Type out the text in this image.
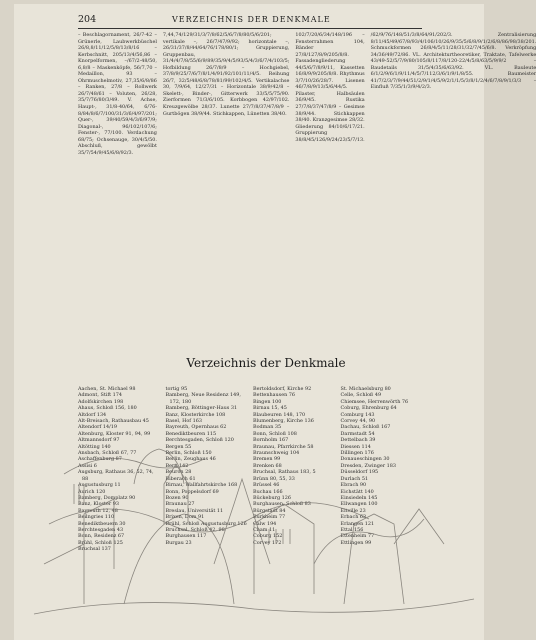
204	VERZEICHNIS DER DENKMALE

– Beschlagornament, 26/7-42 – Grünerle, Laubwerkbüschel 26/8,8/11/12/5/8/13/8/16 – Kerbschnitt, 205/13/4/56,86 – Knorpelformen, –/67/2-48/50, 6,8/8 – Maskenköpfe, 56/7,70 – Medaillon, 93 – Ohrmuschelmotiv, 27,35/6/8/86 – Ranken, 27/8 – Rollwerk 26/7/48/61 – Voluten, 26/28, 35/7/76/80/3/49. V. Achse, Haupt-, 31/8-40/64, 6/76-8/84/8/6/7/100/31/3/6/4/97/201; Quer-, 39/40/59/4/3/6/97/9; Diagonal-, 96/102/107/6; Fenster-, 77/100. Verdachung 68/75; Ochsenauge, 30/4/5/50. Abschluß, gewölbt 35/7/54/9/45/6/8/92/3.

7,44,74/129/31/3/7/8/62/5/6/7/8/80/5/6/201; vertikale –, 26/7/47/9/92; horizontale –, 26/31/37/8/44/64/76/178/80/1; Gruppierung, Gruppenbau, 31/4/4/7/8/55/6/9/89/35/9/4/5/93/5/4/3/6/7/4/103/5; Hofbildung 26/7/8/9 – Hochgiebel, 37/8/9/25/7/6/7/8/1/4/91/92/101/11/4/5. Reihung 26/7, 32/5/48/6/8/78/81/99/102/4/5. Vertikalachse 30, 7/9/64, 12/27/31 – Horizontale 38/9/42/8 – Skelett-, Binder-, Gitterwerk 33/5/5/75/90. Zierformen 71/3/6/105. Korbbogen 42/97/102. Kreuzgewölbe 28/37. Lunette 27/7/8/37/47/8/9 – Gurtbögen 38/9/44. Stichkappen, Lünetten 38/40.

102/7/20/6/34/148/196 – Fensterrahmen 104, Bänder 27/8/127/8/9/205/8/8. Fassadengliederung 44/5/6/7/8/9/11, Kassetten 16/8/9/9/205/8/8. Rhythmus 3/7/10/26/28/7. Lisenen 46/7/8/9/13/5/6/44/5. Pilaster, Halbsäulen 36/9/45. Rustika 27/7/8/37/47/8/9 – Gesimse 38/9/44. Stichkappen 38/40. Kranzgesimse 28/32. Gliederung 84/10/6/17/21. Gruppierung 38/8/45/126/9/24/23/5/7/13.

/62/9/76/148/51/3/8/64/91/202/3. Zentralisierung 8/11/45/49/67/8/93/4/106/10/26/9/35/5/6/8/9/1/2/6/8/86/98/38/201. Schmuckformen 26/8/4/5/11/28/31/32/7/45/6/8. Verkröpfung 34/36/49/72/86. VL. Architekturtheoretiker, Traktate, Tafelwerke 43/49-52/5/7/9/80/105/8/117/8/120-22/4/5/8/63/5/9/9/2 – Baudetails 31/5/4/35/6/63/92. VL. Bauleute 6/1/2/9/6/1/9/11/4/5/7/112/3/6/1/9/1/8/55. Baumeister 41/7/2/3/7/9/44/51/2/9/1/4/5/9/2/1/1/5/3/8/1/2/4/6/7/8/9/1/3/3 – Einfluß 7/35/1/3/9/4/2/3.

Verzeichnis der Denkmale

Aachen, St. Michael 98

Admont, Stift 174

Adolfskirchen 198

Ahaus, Schloß 156, 180

Altdorf 134

Alt-Breisach, Rathausbau 45

Altendorf 14/19

Altenburg, Kloster 91, 94, 99

Altmannsdorf 97

Altötting 140

Ansbach, Schloß 67, 77

Aschaffenburg 87

Assisi 6

Augsburg, Rathaus 36, 52, 74, 88

Augustusburg 11

Aurich 120

Bamberg, Domplatz 90

Banz, Kloster 93

Bayreuth 12, 48

Beilngries 110

Benediktbeuern 30

Berchtesgaden 43

Bonn, Residenz 67

Brühl, Schloß 125

Bruchsal 137

tortig 95

Bamberg, Neue Residenz 149, 172, 180

Bamberg, Böttinger-Haus 31

Banz, Klosterkirche 108

Basel, Hof 163

Bayreuth, Opernhaus 62

Benediktbeuren 115

Berchtesgaden, Schloß 120

Bergen 55

Berlin, Schloß 150

Berlin, Zeughaus 46

Bern 142

Beuron 28

Biberach 61

Birnau, Wallfahrtskirche 168

Bonn, Poppelsdorf 69

Bozen 90

Braunau 27

Breslau, Universität 11

Brixen, Dom 91

Brühl, Schloß Augustusburg 126

Bruchsal, Schloß 42, 98

Burghausen 117

Burgau 23

Bertoldsdorf, Kirche 92

Bettenhausen 76

Bingen 100

Birnau 15, 45

Blaubeuren 148, 170

Blumenberg, Kirche 136

Bodman 35

Bonn, Schloß 108

Bornholm 167

Braunau, Pfarrkirche 58

Braunschweig 104

Bremen 99

Brenken 68

Bruchsal, Rathaus 183, 5

Brünn 80, 55, 33

Brüssel 46

Buchau 166

Bückeburg 126

Burghausen, Schloß 83

Bürgstadt 84

Burkheim 77

Calw 194

Cham 11

Coburg 152

Corvey 172

St. Michaelsburg 80

Celle, Schloß 49

Chiemsee, Herrenwörth 76

Coburg, Ehrenburg 64

Comburg 143

Corvey 44, 90

Dachau, Schloß 167

Darmstadt 54

Dettelbach 39

Diessen 114

Dillingen 176

Donaueschingen 30

Dresden, Zwinger 183

Düsseldorf 195

Durlach 51

Ebrach 90

Eichstätt 140

Einsiedeln 145

Ellwangen 100

Eltville 23

Erbach 63

Erlangen 121

Ettal 156

Ettenheim 77

Ettlingen 99
